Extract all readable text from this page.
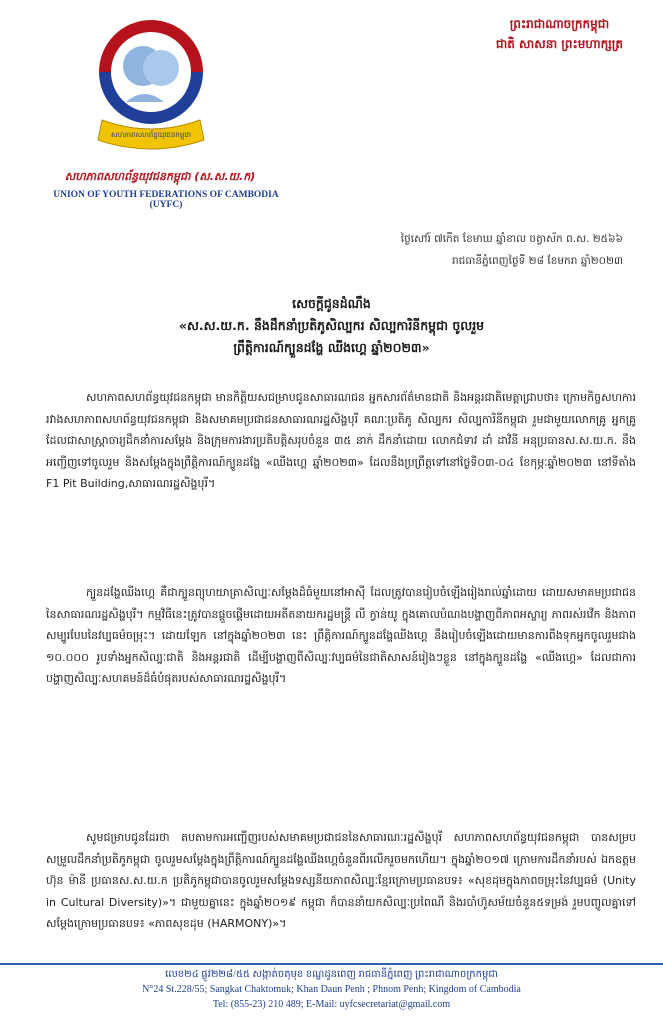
សហភាពសហព័ន្ធយុវជនកម្ពុជា
សហភាពសហព័ន្ធយុវជនកម្ពុជា (ស.ស.យ.ក)
UNION OF YOUTH FEDERATIONS OF CAMBODIA (UYFC)
ព្រះរាជាណាចក្រកម្ពុជា
ជាតិ សាសនា ព្រះមហាក្សត្រ
ថ្ងៃសៅរ៍ ៧កើត ខែមាឃ ឆ្នាំខាល ចត្វាស័ក ព.ស. ២៥៦៦
រាជធានីភ្នំពេញថ្ងៃទី ២៨ ខែមករា ឆ្នាំ២០២៣
សេចក្តីជូនដំណឹង
«ស.ស.យ.ក. នឹងដឹកនាំប្រតិភូសិល្បករ សិល្បការិនីកម្ពុជា ចូលរួម
ព្រឹត្តិការណ៍ក្បួនដង្ហែ ឈីងហ្គេ ឆ្នាំ២០២៣»
សហភាពសហព័ន្ធយុវជនកម្ពុជា មានកិត្តិយសជម្រាបជូនសាធារណជន អ្នកសារព័ត៌មានជាតិ និងអន្តរជាតិមេត្តាជ្រាបថា៖ ក្រោមកិច្ចសហការរវាងសហភាពសហព័ន្ធយុវជនកម្ពុជា និងសមាគមប្រជាជនសាធារណរដ្ឋសិង្ហបុរី គណៈប្រតិភូ សិល្បករ សិល្បការិនីកម្ពុជា រួមជាមួយលោកគ្រូ អ្នកគ្រូ ដែលជាសាស្ត្រាចារ្យដឹកនាំការសម្តែង និងក្រុមការងារប្រតិបត្តិសរុបចំនួន ៣៥ នាក់ ដឹកនាំដោយ លោកជំទាវ ដាំ ដាវិនី អនុប្រធានស.ស.យ.ក. នឹងអញ្ជើញទៅចូលរួម និងសម្តែងក្នុងព្រឹត្តិការណ៍ក្បួនដង្ហែ «ឈីងហ្គេ ឆ្នាំ២០២៣» ដែលនឹងប្រព្រឹត្តទៅនៅថ្ងៃទី០៣-០៤ ខែកុម្ភៈឆ្នាំ២០២៣ នៅទីតាំង F1 Pit Building,សាធារណរដ្ឋសិង្ហបុរី។
ក្បួនដង្ហែឈីងហ្គេ គឺជាក្បួនព្យុហយាត្រាសិល្បៈសម្តែងដ៏ធំមួយនៅអាស៊ី ដែលត្រូវបានរៀបចំឡើងរៀងរាល់ឆ្នាំដោយ ដោយសមាគមប្រជាជន នៃសាធារណរដ្ឋសិង្ហបុរី។ កម្មវិធីនេះត្រូវបានផ្តួចផ្តើមដោយអតីតនាយករដ្ឋមន្ត្រី លី ក្វាន់យូ ក្នុងគោលបំណងបង្ហាញពីភាពអស្ចារ្យ ភាពរស់រវើក និងភាពសម្បូរបែបនៃវប្បធម៌ចម្រុះ។ ដោយឡែក នៅក្នុងឆ្នាំ២០២៣ នេះ ព្រឹត្តិការណ៍ក្បួនដង្ហែឈីងហ្គេ នឹងរៀបចំឡើងដោយមានការពឹងទុកអ្នកចូលរួមជាង ១០.០០០ រូបទាំងអ្នកសិល្បៈជាតិ និងអន្តរជាតិ ដើម្បីបង្ហាញពីសិល្បៈវប្បធម៌នៃជាតិសាសន៍រៀងៗខ្លួន នៅក្នុងក្បួនដង្ហែ «ឈីងហ្គេ» ដែលជាការបង្ហាញសិល្បៈសហគមន៍ដ៏ធំបំផុតរបស់សាធារណរដ្ឋសិង្ហបុរី។
សូមជម្រាបជូនដែរថា តបតាមការអញ្ជើញរបស់សមាគមប្រជាជននៃសាធារណៈរដ្ឋសិង្ហបុរី សហភាពសហព័ន្ធយុវជនកម្ពុជា បានសម្របសម្រួលដឹកនាំប្រតិភូកម្ពុជា ចូលរួមសម្តែងក្នុងព្រឹត្តិការណ៍ក្បួនដង្ហែឈីងហ្គេចំនួនពីរលើករួចមកហើយ។ ក្នុងឆ្នាំ២០១៧ ក្រោមការដឹកនាំរបស់ ឯកឧត្តម ហ៊ុន ម៉ានី ប្រធានស.ស.យ.ក ប្រតិភូកម្ពុជាបានចូលរួមសម្តែងទស្សនីយភាពសិល្បៈខ្មែរក្រោមប្រធានបទ៖ «សុខដុមក្នុងភាពចម្រុះនៃវប្បធម៌ (Unity in Cultural Diversity)»។ ជាមួយគ្នានេះ ក្នុងឆ្នាំ២០១៩ កម្ពុជា ក៏បាននាំយកសិល្បៈប្រពៃណី និងរបាំហ៊ូសម័យចំនួន៥ទម្រង់ រួមបញ្ចូលគ្នាទៅសម្តែងក្រោមប្រធានបទ៖ «ភាពសុខដុម (HARMONY)»។
លេខ២៤ ផ្លូវ២២៨/៥៥ សង្កាត់ចតុមុខ ខណ្ឌដូនពេញ រាជធានីភ្នំពេញ ព្រះរាជាណាចក្រកម្ពុជា
N°24 St.228/55; Sangkat Chaktomuk; Khan Daun Penh ; Phnom Penh; Kingdom of Cambodia
Tel: (855-23) 210 489; E-Mail: uyfcsecretariat@gmail.com
